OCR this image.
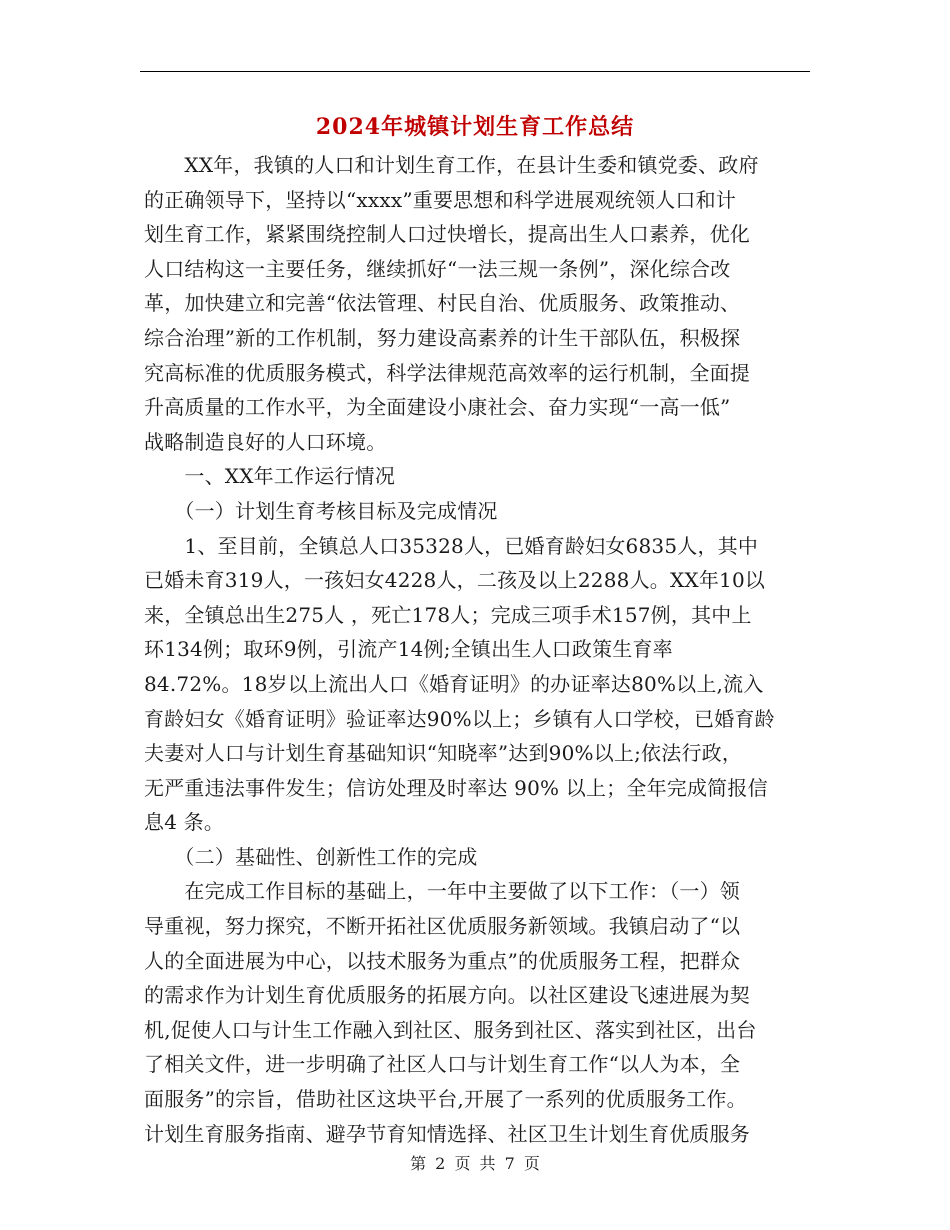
2024年城镇计划生育工作总结
　　XX年，我镇的人口和计划生育工作，在县计生委和镇党委、政府
的正确领导下，坚持以“xxxx”重要思想和科学进展观统领人口和计
划生育工作，紧紧围绕控制人口过快增长，提高出生人口素养，优化
人口结构这一主要任务，继续抓好“一法三规一条例”，深化综合改
革，加快建立和完善“依法管理、村民自治、优质服务、政策推动、
综合治理”新的工作机制，努力建设高素养的计生干部队伍，积极探
究高标准的优质服务模式，科学法律规范高效率的运行机制，全面提
升高质量的工作水平，为全面建设小康社会、奋力实现“一高一低”
战略制造良好的人口环境。
　　一、XX年工作运行情况
　　（一）计划生育考核目标及完成情况
　　1、至目前，全镇总人口35328人，已婚育龄妇女6835人，其中
已婚未育319人，一孩妇女4228人，二孩及以上2288人。XX年10以
来，全镇总出生275人 ，死亡178人；完成三项手术157例，其中上
环134例；取环9例，引流产14例;全镇出生人口政策生育率
84.72%。18岁以上流出人口《婚育证明》的办证率达80%以上,流入
育龄妇女《婚育证明》验证率达90%以上；乡镇有人口学校，已婚育龄
夫妻对人口与计划生育基础知识“知晓率”达到90%以上;依法行政，
无严重违法事件发生；信访处理及时率达 90% 以上；全年完成简报信
息4 条。
　　（二）基础性、创新性工作的完成
　　在完成工作目标的基础上，一年中主要做了以下工作：（一）领
导重视，努力探究，不断开拓社区优质服务新领域。我镇启动了“以
人的全面进展为中心，以技术服务为重点”的优质服务工程，把群众
的需求作为计划生育优质服务的拓展方向。以社区建设飞速进展为契
机,促使人口与计生工作融入到社区、服务到社区、落实到社区，出台
了相关文件，进一步明确了社区人口与计划生育工作“以人为本，全
面服务”的宗旨，借助社区这块平台,开展了一系列的优质服务工作。
计划生育服务指南、避孕节育知情选择、社区卫生计划生育优质服务
第 2 页 共 7 页
